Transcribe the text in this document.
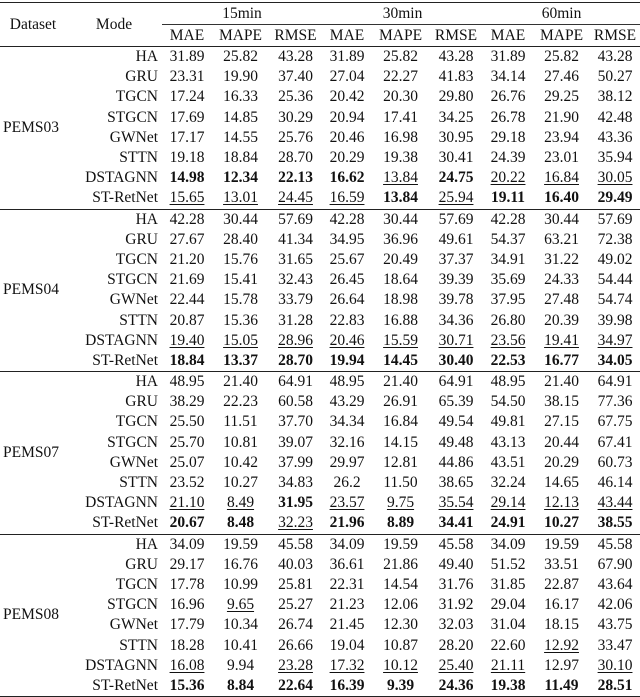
Dataset	Mode	15min			30min			60min		
		MAE	MAPE	RMSE	MAE	MAPE	RMSE	MAE	MAPE	RMSE
PEMS03	HA	31.89	25.82	43.28	31.89	25.82	43.28	31.89	25.82	43.28
	GRU	23.31	19.90	37.40	27.04	22.27	41.83	34.14	27.46	50.27
	TGCN	17.24	16.33	25.36	20.42	20.30	29.80	26.76	29.25	38.12
	STGCN	17.69	14.85	30.29	20.94	17.41	34.25	26.78	21.90	42.48
	GWNet	17.17	14.55	25.76	20.46	16.98	30.95	29.18	23.94	43.36
	STTN	19.18	18.84	28.70	20.29	19.38	30.41	24.39	23.01	35.94
	DSTAGNN	14.98	12.34	22.13	16.62	13.84	24.75	20.22	16.84	30.05
	ST-RetNet	15.65	13.01	24.45	16.59	13.84	25.94	19.11	16.40	29.49
PEMS04	HA	42.28	30.44	57.69	42.28	30.44	57.69	42.28	30.44	57.69
	GRU	27.67	28.40	41.34	34.95	36.96	49.61	54.37	63.21	72.38
	TGCN	21.20	15.76	31.65	25.67	20.49	37.37	34.91	31.22	49.02
	STGCN	21.69	15.41	32.43	26.45	18.64	39.39	35.69	24.33	54.44
	GWNet	22.44	15.78	33.79	26.64	18.98	39.78	37.95	27.48	54.74
	STTN	20.87	15.36	31.28	22.83	16.88	34.36	26.80	20.39	39.98
	DSTAGNN	19.40	15.05	28.96	20.46	15.59	30.71	23.56	19.41	34.97
	ST-RetNet	18.84	13.37	28.70	19.94	14.45	30.40	22.53	16.77	34.05
PEMS07	HA	48.95	21.40	64.91	48.95	21.40	64.91	48.95	21.40	64.91
	GRU	38.29	22.23	60.58	43.29	26.91	65.39	54.50	38.15	77.36
	TGCN	25.50	11.51	37.70	34.34	16.84	49.54	49.81	27.15	67.75
	STGCN	25.70	10.81	39.07	32.16	14.15	49.48	43.13	20.44	67.41
	GWNet	25.07	10.42	37.99	29.97	12.81	44.86	43.51	20.29	60.73
	STTN	23.52	10.27	34.83	26.2	11.50	38.65	32.24	14.65	46.14
	DSTAGNN	21.10	8.49	31.95	23.57	9.75	35.54	29.14	12.13	43.44
	ST-RetNet	20.67	8.48	32.23	21.96	8.89	34.41	24.91	10.27	38.55
PEMS08	HA	34.09	19.59	45.58	34.09	19.59	45.58	34.09	19.59	45.58
	GRU	29.17	16.76	40.03	36.61	21.86	49.40	51.52	33.51	67.90
	TGCN	17.78	10.99	25.81	22.31	14.54	31.76	31.85	22.87	43.64
	STGCN	16.96	9.65	25.27	21.23	12.06	31.92	29.04	16.17	42.06
	GWNet	17.79	10.34	26.74	21.45	12.30	32.03	31.04	18.15	43.75
	STTN	18.28	10.41	26.66	19.04	10.87	28.20	22.60	12.92	33.47
	DSTAGNN	16.08	9.94	23.28	17.32	10.12	25.40	21.11	12.97	30.10
	ST-RetNet	15.36	8.84	22.64	16.39	9.39	24.36	19.38	11.49	28.51
